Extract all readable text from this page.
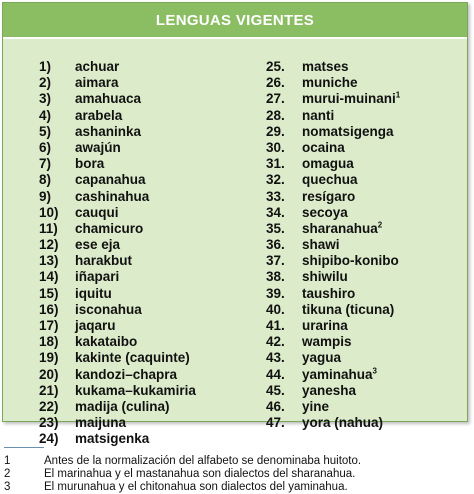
LENGUAS VIGENTES
1) achuar
2) aimara
3) amahuaca
4) arabela
5) ashaninka
6) awajún
7) bora
8) capanahua
9) cashinahua
10) cauqui
11) chamicuro
12) ese eja
13) harakbut
14) iñapari
15) iquitu
16) isconahua
17) jaqaru
18) kakataibo
19) kakinte (caquinte)
20) kandozi–chapra
21) kukama–kukamiria
22) madija (culina)
23) maijuna
24) matsigenka
25. matses
26. muniche
27. murui-muinani$^1$
28. nanti
29. nomatsigenga
30. ocaina
31. omagua
32. quechua
33. resígaro
34. secoya
35. sharanahua$^2$
36. shawi
37. shipibo-konibo
38. shiwilu
39. taushiro
40. tikuna (ticuna)
41. urarina
42. wampis
43. yagua
44. yaminahua$^3$
45. yanesha
46. yine
47. yora (nahua)
1	Antes de la normalización del alfabeto se denominaba huitoto.
2	El marinahua y el mastanahua son dialectos del sharanahua.
3	El murunahua y el chitonahua son dialectos del yaminahua.
